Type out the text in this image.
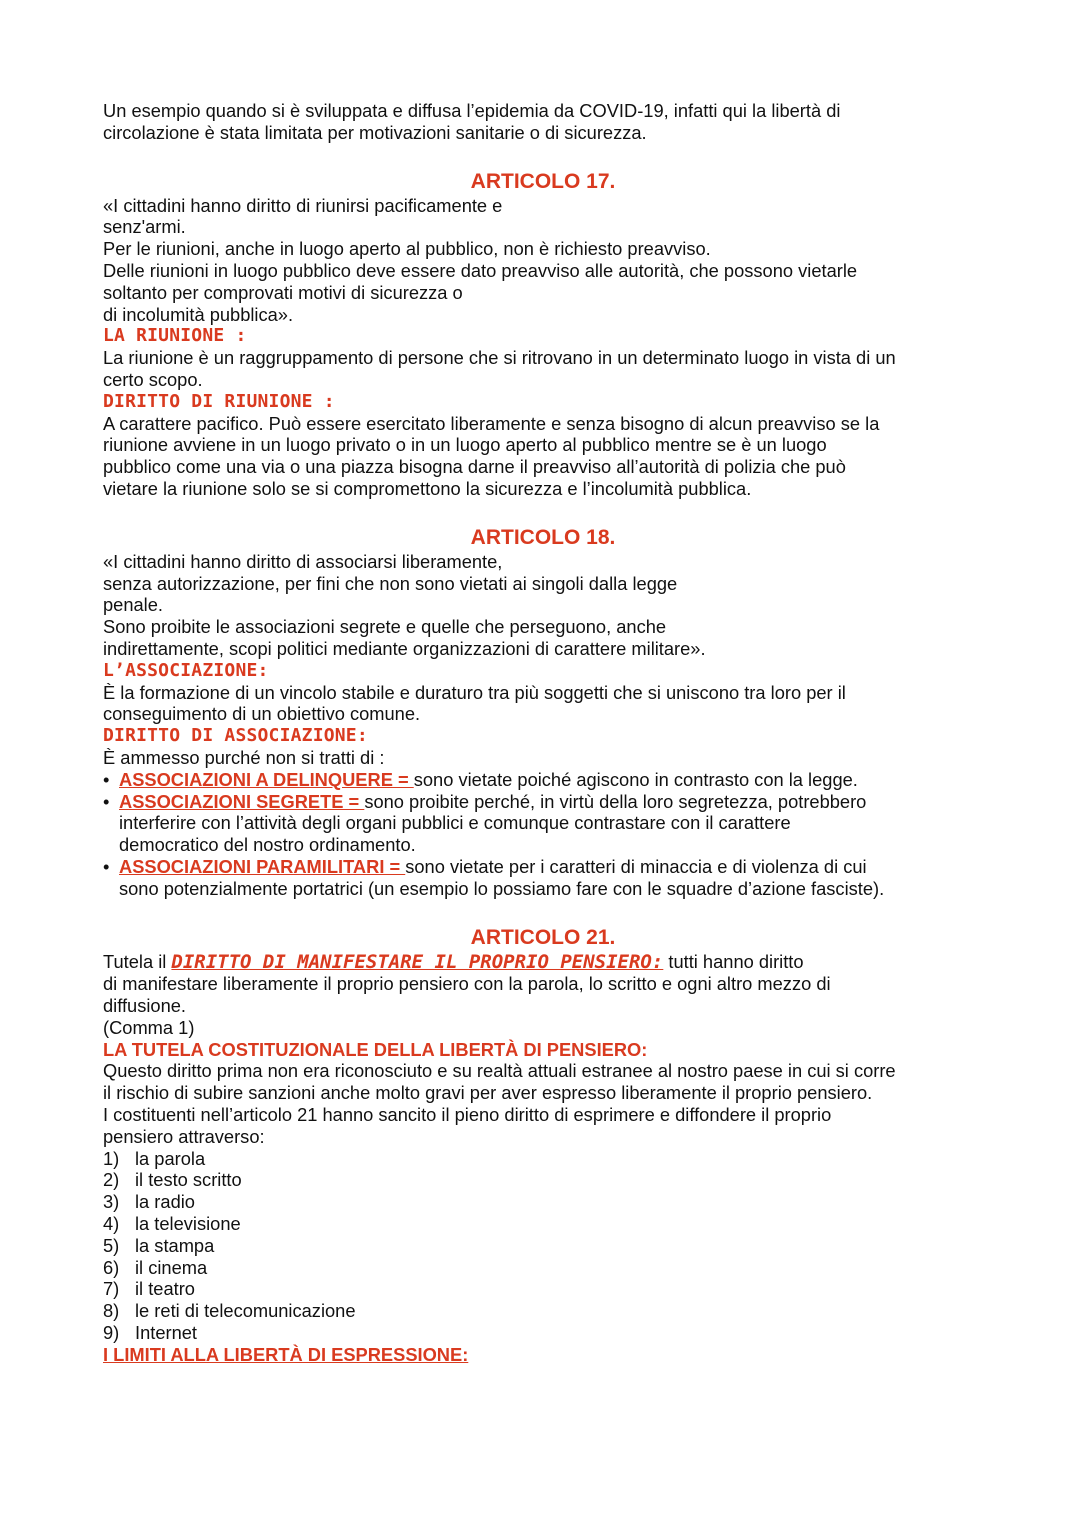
Un esempio quando si è sviluppata e diffusa l’epidemia da COVID-19, infatti qui la libertà di

circolazione è stata limitata per motivazioni sanitarie o di sicurezza.

ARTICOLO 17.

«I cittadini hanno diritto di riunirsi pacificamente e

senz'armi.

Per le riunioni, anche in luogo aperto al pubblico, non è richiesto preavviso.

Delle riunioni in luogo pubblico deve essere dato preavviso alle autorità, che possono vietarle

soltanto per comprovati motivi di sicurezza o

di incolumità pubblica».

LA RIUNIONE :

La riunione è un raggruppamento di persone che si ritrovano in un determinato luogo in vista di un

certo scopo.

DIRITTO DI RIUNIONE :

A carattere pacifico. Può essere esercitato liberamente e senza bisogno di alcun preavviso se la

riunione avviene in un luogo privato o in un luogo aperto al pubblico mentre se è un luogo

pubblico come una via o una piazza bisogna darne il preavviso all’autorità di polizia che può

vietare la riunione solo se si compromettono la sicurezza e l’incolumità pubblica.

ARTICOLO 18.

«I cittadini hanno diritto di associarsi liberamente,

senza autorizzazione, per fini che non sono vietati ai singoli dalla legge

penale.

Sono proibite le associazioni segrete e quelle che perseguono, anche

indirettamente, scopi politici mediante organizzazioni di carattere militare».

L’ASSOCIAZIONE:

È la formazione di un vincolo stabile e duraturo tra più soggetti che si uniscono tra loro per il

conseguimento di un obiettivo comune.

DIRITTO DI ASSOCIAZIONE:

È ammesso purché non si tratti di :

• ASSOCIAZIONI A DELINQUERE = sono vietate poiché agiscono in contrasto con la legge.

• ASSOCIAZIONI SEGRETE = sono proibite perché, in virtù della loro segretezza, potrebbero

interferire con l’attività degli organi pubblici e comunque contrastare con il carattere

democratico del nostro ordinamento.

• ASSOCIAZIONI PARAMILITARI = sono vietate per i caratteri di minaccia e di violenza di cui

sono potenzialmente portatrici (un esempio lo possiamo fare con le squadre d’azione fasciste).

ARTICOLO 21.

Tutela il DIRITTO DI MANIFESTARE IL PROPRIO PENSIERO: tutti hanno diritto

di manifestare liberamente il proprio pensiero con la parola, lo scritto e ogni altro mezzo di

diffusione.

(Comma 1)

LA TUTELA COSTITUZIONALE DELLA LIBERTÀ DI PENSIERO:

Questo diritto prima non era riconosciuto e su realtà attuali estranee al nostro paese in cui si corre

il rischio di subire sanzioni anche molto gravi per aver espresso liberamente il proprio pensiero.

I costituenti nell’articolo 21 hanno sancito il pieno diritto di esprimere e diffondere il proprio

pensiero attraverso:

1) la parola
2) il testo scritto
3) la radio
4) la televisione
5) la stampa
6) il cinema
7) il teatro
8) le reti di telecomunicazione
9) Internet

I LIMITI ALLA LIBERTÀ DI ESPRESSIONE:
